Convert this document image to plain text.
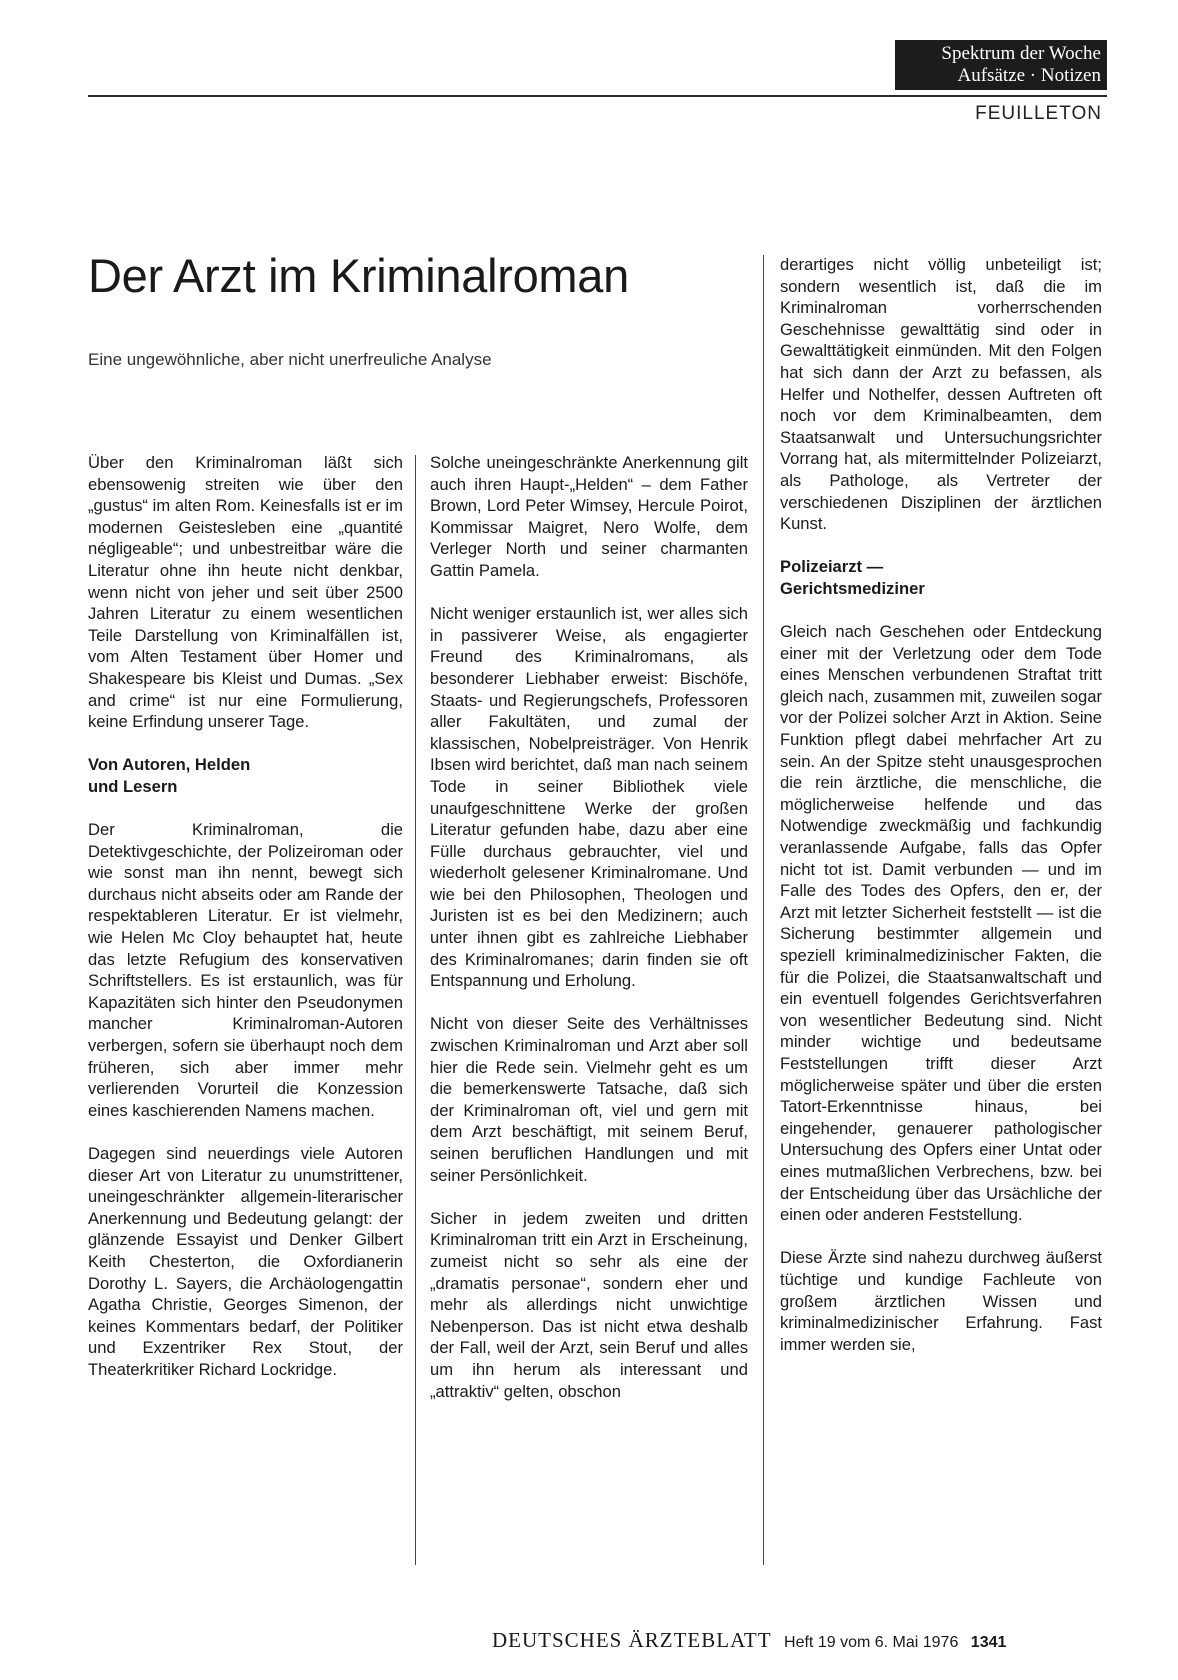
Spektrum der Woche
Aufsätze · Notizen
FEUILLETON
Der Arzt im Kriminalroman
Eine ungewöhnliche, aber nicht unerfreuliche Analyse

Über den Kriminalroman läßt sich ebensowenig streiten wie über den „gustus“ im alten Rom. Keinesfalls ist er im modernen Geistesleben eine „quantité négligeable“; und unbestreitbar wäre die Literatur ohne ihn heute nicht denkbar, wenn nicht von jeher und seit über 2500 Jahren Literatur zu einem wesentlichen Teile Darstellung von Kriminalfällen ist, vom Alten Testament über Homer und Shakespeare bis Kleist und Dumas. „Sex and crime“ ist nur eine Formulierung, keine Erfindung unserer Tage.

Von Autoren, Helden
und Lesern

Der Kriminalroman, die Detektivgeschichte, der Polizeiroman oder wie sonst man ihn nennt, bewegt sich durchaus nicht abseits oder am Rande der respektableren Literatur. Er ist vielmehr, wie Helen Mc Cloy behauptet hat, heute das letzte Refugium des konservativen Schriftstellers. Es ist erstaunlich, was für Kapazitäten sich hinter den Pseudonymen mancher Kriminalroman-Autoren verbergen, sofern sie überhaupt noch dem früheren, sich aber immer mehr verlierenden Vorurteil die Konzession eines kaschierenden Namens machen.

Dagegen sind neuerdings viele Autoren dieser Art von Literatur zu unumstrittener, uneingeschränkter allgemein-literarischer Anerkennung und Bedeutung gelangt: der glänzende Essayist und Denker Gilbert Keith Chesterton, die Oxfordianerin Dorothy L. Sayers, die Archäologengattin Agatha Christie, Georges Simenon, der keines Kommentars bedarf, der Politiker und Exzentriker Rex Stout, der Theaterkritiker Richard Lockridge.

Solche uneingeschränkte Anerkennung gilt auch ihren Haupt-„Helden“ – dem Father Brown, Lord Peter Wimsey, Hercule Poirot, Kommissar Maigret, Nero Wolfe, dem Verleger North und seiner charmanten Gattin Pamela.

Nicht weniger erstaunlich ist, wer alles sich in passiverer Weise, als engagierter Freund des Kriminalromans, als besonderer Liebhaber erweist: Bischöfe, Staats- und Regierungschefs, Professoren aller Fakultäten, und zumal der klassischen, Nobelpreisträger. Von Henrik Ibsen wird berichtet, daß man nach seinem Tode in seiner Bibliothek viele unaufgeschnittene Werke der großen Literatur gefunden habe, dazu aber eine Fülle durchaus gebrauchter, viel und wiederholt gelesener Kriminalromane. Und wie bei den Philosophen, Theologen und Juristen ist es bei den Medizinern; auch unter ihnen gibt es zahlreiche Liebhaber des Kriminalromanes; darin finden sie oft Entspannung und Erholung.

Nicht von dieser Seite des Verhältnisses zwischen Kriminalroman und Arzt aber soll hier die Rede sein. Vielmehr geht es um die bemerkenswerte Tatsache, daß sich der Kriminalroman oft, viel und gern mit dem Arzt beschäftigt, mit seinem Beruf, seinen beruflichen Handlungen und mit seiner Persönlichkeit.

Sicher in jedem zweiten und dritten Kriminalroman tritt ein Arzt in Erscheinung, zumeist nicht so sehr als eine der „dramatis personae“, sondern eher und mehr als allerdings nicht unwichtige Nebenperson. Das ist nicht etwa deshalb der Fall, weil der Arzt, sein Beruf und alles um ihn herum als interessant und „attraktiv“ gelten, obschon

derartiges nicht völlig unbeteiligt ist; sondern wesentlich ist, daß die im Kriminalroman vorherrschenden Geschehnisse gewalttätig sind oder in Gewalttätigkeit einmünden. Mit den Folgen hat sich dann der Arzt zu befassen, als Helfer und Nothelfer, dessen Auftreten oft noch vor dem Kriminalbeamten, dem Staatsanwalt und Untersuchungsrichter Vorrang hat, als mitermittelnder Polizeiarzt, als Pathologe, als Vertreter der verschiedenen Disziplinen der ärztlichen Kunst.

Polizeiarzt —
Gerichtsmediziner

Gleich nach Geschehen oder Entdeckung einer mit der Verletzung oder dem Tode eines Menschen verbundenen Straftat tritt gleich nach, zusammen mit, zuweilen sogar vor der Polizei solcher Arzt in Aktion. Seine Funktion pflegt dabei mehrfacher Art zu sein. An der Spitze steht unausgesprochen die rein ärztliche, die menschliche, die möglicherweise helfende und das Notwendige zweckmäßig und fachkundig veranlassende Aufgabe, falls das Opfer nicht tot ist. Damit verbunden — und im Falle des Todes des Opfers, den er, der Arzt mit letzter Sicherheit feststellt — ist die Sicherung bestimmter allgemein und speziell kriminalmedizinischer Fakten, die für die Polizei, die Staatsanwaltschaft und ein eventuell folgendes Gerichtsverfahren von wesentlicher Bedeutung sind. Nicht minder wichtige und bedeutsame Feststellungen trifft dieser Arzt möglicherweise später und über die ersten Tatort-Erkenntnisse hinaus, bei eingehender, genauerer pathologischer Untersuchung des Opfers einer Untat oder eines mutmaßlichen Verbrechens, bzw. bei der Entscheidung über das Ursächliche der einen oder anderen Feststellung.

Diese Ärzte sind nahezu durchweg äußerst tüchtige und kundige Fachleute von großem ärztlichen Wissen und kriminalmedizinischer Erfahrung. Fast immer werden sie,

DEUTSCHES ÄRZTEBLATT Heft 19 vom 6. Mai 1976 1341
